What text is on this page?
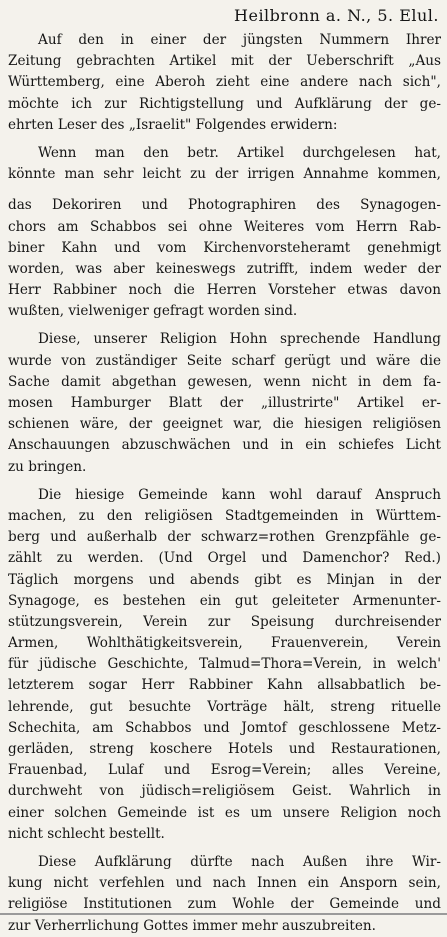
Heilbronn a. N., 5. Elul.
Auf den in einer der jüngsten Nummern Ihrer
Zeitung gebrachten Artikel mit der Ueberschrift „Aus
Württemberg, eine Aberoh zieht eine andere nach sich",
möchte ich zur Richtigstellung und Aufklärung der ge-
ehrten Leser des „Israelit" Folgendes erwidern:
Wenn man den betr. Artikel durchgelesen hat,
könnte man sehr leicht zu der irrigen Annahme kommen,
das Dekoriren und Photographiren des Synagogen-
chors am Schabbos sei ohne Weiteres vom Herrn Rab-
biner Kahn und vom Kirchenvorsteheramt genehmigt
worden, was aber keineswegs zutrifft, indem weder der
Herr Rabbiner noch die Herren Vorsteher etwas davon
wußten, vielweniger gefragt worden sind.
Diese, unserer Religion Hohn sprechende Handlung
wurde von zuständiger Seite scharf gerügt und wäre die
Sache damit abgethan gewesen, wenn nicht in dem fa-
mosen Hamburger Blatt der „illustrirte" Artikel er-
schienen wäre, der geeignet war, die hiesigen religiösen
Anschauungen abzuschwächen und in ein schiefes Licht
zu bringen.
Die hiesige Gemeinde kann wohl darauf Anspruch
machen, zu den religiösen Stadtgemeinden in Württem-
berg und außerhalb der schwarz=rothen Grenzpfähle ge-
zählt zu werden. (Und Orgel und Damenchor? Red.)
Täglich morgens und abends gibt es Minjan in der
Synagoge, es bestehen ein gut geleiteter Armenunter-
stützungsverein, Verein zur Speisung durchreisender
Armen, Wohlthätigkeitsverein, Frauenverein, Verein
für jüdische Geschichte, Talmud=Thora=Verein, in welch'
letzterem sogar Herr Rabbiner Kahn allsabbatlich be-
lehrende, gut besuchte Vorträge hält, streng rituelle
Schechita, am Schabbos und Jomtof geschlossene Metz-
gerläden, streng koschere Hotels und Restaurationen,
Frauenbad, Lulaf und Esrog=Verein; alles Vereine,
durchweht von jüdisch=religiösem Geist. Wahrlich in
einer solchen Gemeinde ist es um unsere Religion noch
nicht schlecht bestellt.
Diese Aufklärung dürfte nach Außen ihre Wir-
kung nicht verfehlen und nach Innen ein Ansporn sein,
religiöse Institutionen zum Wohle der Gemeinde und
zur Verherrlichung Gottes immer mehr auszubreiten.
